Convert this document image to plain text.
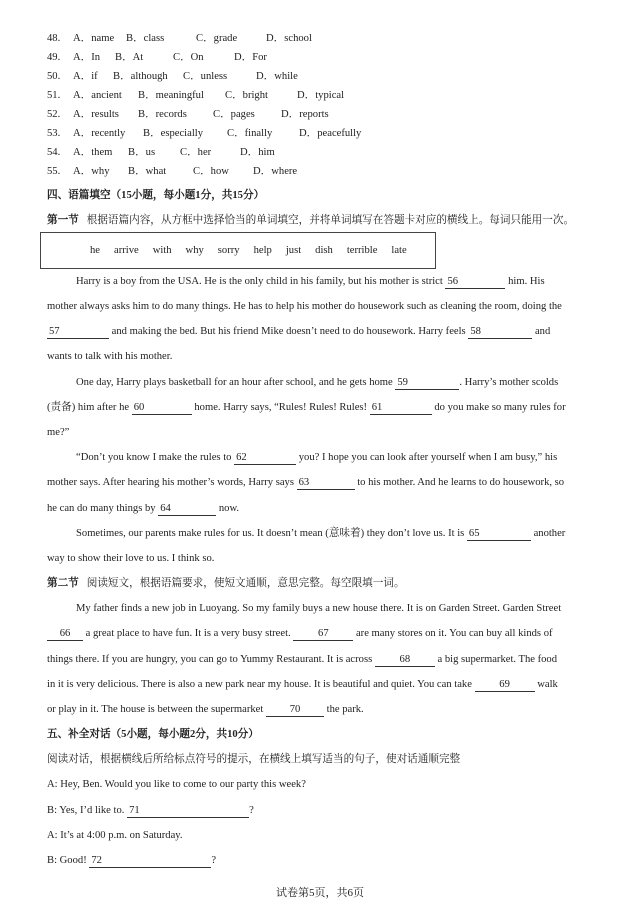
48. A．name B．class	C．grade	D．school
49. A．In B．At	C．On	D．For
50. A．if B．although C．unless	D．while
51. A．ancient B．meaningful C．bright	D．typical
52. A．results B．records C．pages D．reports
53. A．recently B．especially C．finally	D．peacefully
54. A．them B．us C．her	D．him
55. A．why B．what	C．how D．where
四、语篇填空（15小题，每小题1分，共15分）
第一节 根据语篇内容，从方框中选择恰当的单词填空，并将单词填写在答题卡对应的横线上。每词只能用一次。
he arrive with why sorry help just dish terrible late
Harry is a boy from the USA. He is the only child in his family, but his mother is strict 56	him. His
mother always asks him to do many things. He has to help his mother do housework such as cleaning the room, doing the
57	and making the bed. But his friend Mike doesn’t need to do housework. Harry feels 58	and
wants to talk with his mother.
One day, Harry plays basketball for an hour after school, and he gets home 59	. Harry’s mother scolds
(责备) him after he 60	home. Harry says, “Rules! Rules! Rules! 61	do you make so many rules for
me?”
“Don’t you know I make the rules to 62	you? I hope you can look after yourself when I am busy,” his
mother says. After hearing his mother’s words, Harry says 63	to his mother. And he learns to do housework, so
he can do many things by 64	now.
Sometimes, our parents make rules for us. It doesn’t mean (意味着) they don’t love us. It is 65	another
way to show their love to us. I think so.
第二节 阅读短文，根据语篇要求，使短文通顺，意思完整。每空限填一词。
My father finds a new job in Luoyang. So my family buys a new house there. It is on Garden Street. Garden Street
66 a great place to have fun. It is a very busy street. 67 are many stores on it. You can buy all kinds of
things there. If you are hungry, you can go to Yummy Restaurant. It is across 68 a big supermarket. The food
in it is very delicious. There is also a new park near my house. It is beautiful and quiet. You can take 69 walk
or play in it. The house is between the supermarket 70 the park.
五、补全对话（5小题，每小题2分，共10分）
阅读对话，根据横线后所给标点符号的提示，在横线上填写适当的句子，使对话通顺完整
A: Hey, Ben. Would you like to come to our party this week?
B: Yes, I’d like to. 71	?
A: It’s at 4:00 p.m. on Saturday.
B: Good! 72	?
试卷第5页，共6页
